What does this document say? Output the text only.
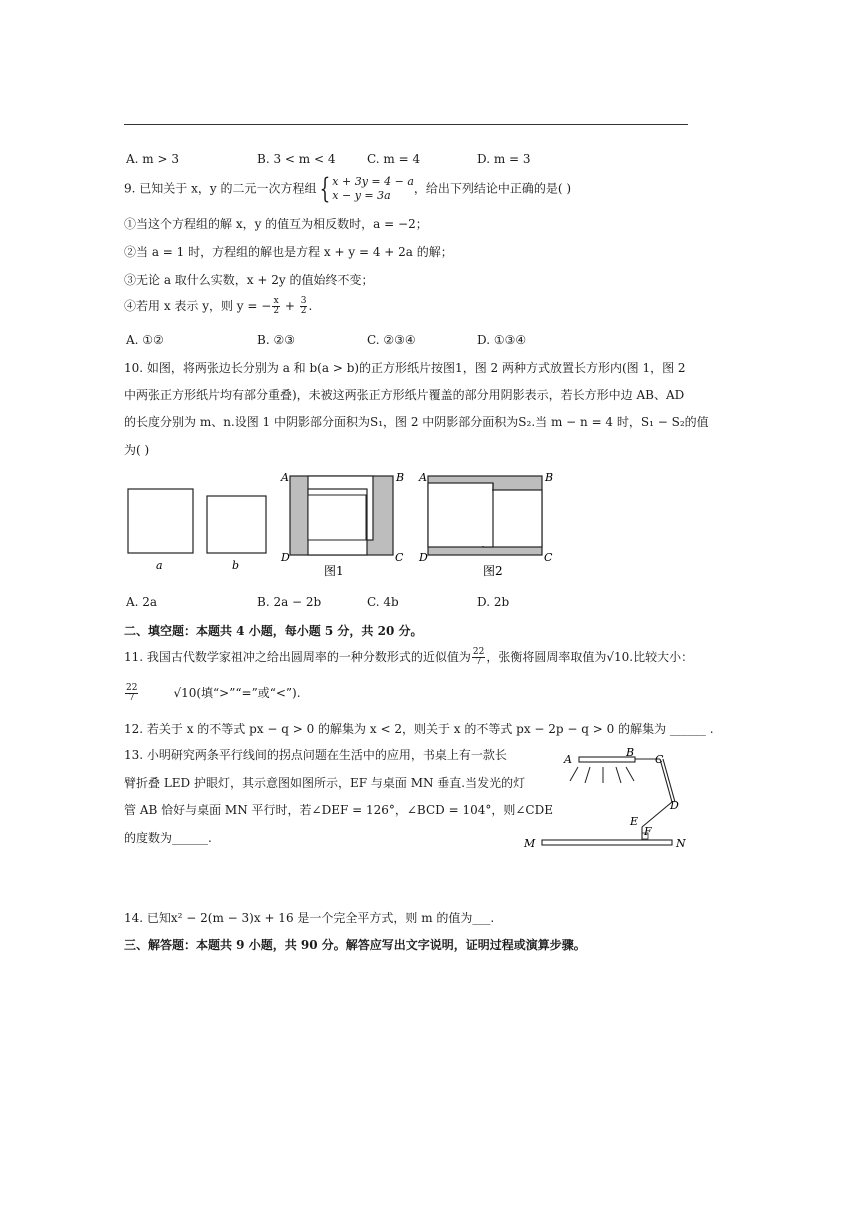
A. m > 3	B. 3 < m < 4	C. m = 4	D. m = 3
9. 已知关于 x，y 的二元一次方程组 { x + 3y = 4 − a
x − y = 3a	，给出下列结论中正确的是( )
①当这个方程组的解 x，y 的值互为相反数时，a = −2；
②当 a = 1 时，方程组的解也是方程 x + y = 4 + 2a 的解；
③无论 a 取什么实数，x + 2y 的值始终不变；
④若用 x 表示 y，则 y = − $\frac{x}{2} + \frac{3}{2}$ .
A. ①②	B. ②③	C. ②③④	D. ①③④
10. 如图，将两张边长分别为 a 和 b(a > b)的正方形纸片按图1，图 2 两种方式放置长方形内(图 1，图 2
中两张正方形纸片均有部分重叠)，未被这两张正方形纸片覆盖的部分用阴影表示，若长方形中边 AB、AD
的长度分别为 m、n.设图 1 中阴影部分面积为S₁，图 2 中阴影部分面积为S₂.当 m − n = 4 时，S₁ − S₂的值
为( )
a	b
A	B
D	C
图1
A	B
D	C
图2
A. 2a	B. 2a − 2b	C. 4b	D. 2b
二、填空题：本题共 4 小题，每小题 5 分，共 20 分。
11. 我国古代数学家祖冲之给出圆周率的一种分数形式的近似值为 $\frac{22}{7}$ ，张衡将圆周率取值为√10.比较大小：
$\frac{22}{7}$	√10(填“>”“=”或“<”).
12. 若关于 x 的不等式 px − q > 0 的解集为 x < 2，则关于 x 的不等式 px − 2p − q > 0 的解集为 ______ .
13. 小明研究两条平行线间的拐点问题在生活中的应用，书桌上有一款长
臂折叠 LED 护眼灯，其示意图如图所示，EF 与桌面 MN 垂直.当发光的灯
管 AB 恰好与桌面 MN 平行时，若∠DEF = 126°，∠BCD = 104°，则∠CDE
的度数为______.
A
B
C
D
E
F
M	N
14. 已知x² − 2(m − 3)x + 16 是一个完全平方式，则 m 的值为___.
三、解答题：本题共 9 小题，共 90 分。解答应写出文字说明，证明过程或演算步骤。
